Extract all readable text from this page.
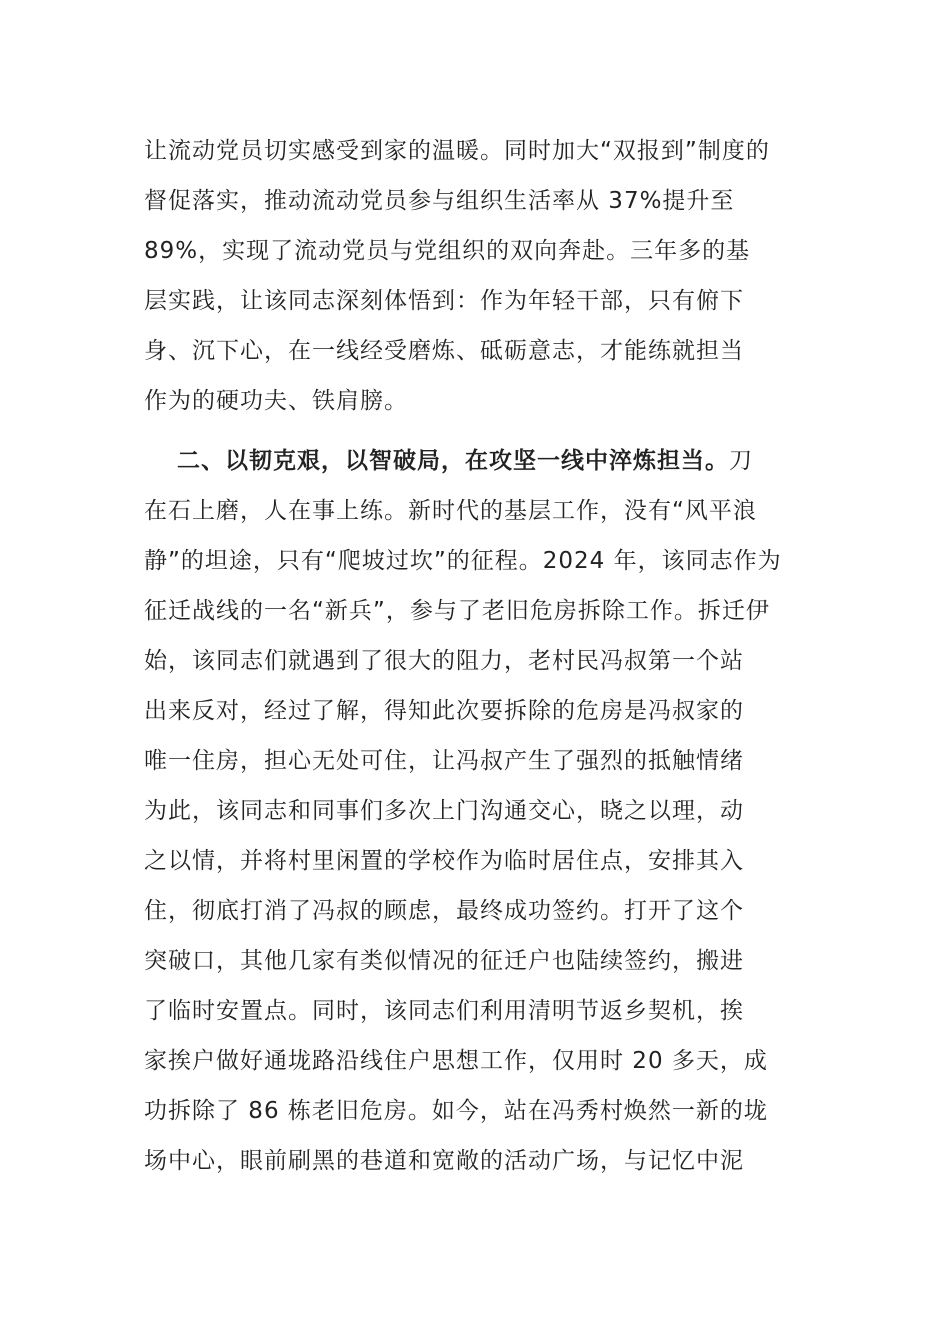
让流动党员切实感受到家的温暖。同时加大“双报到”制度的
督促落实，推动流动党员参与组织生活率从 37%提升至
89%，实现了流动党员与党组织的双向奔赴。三年多的基
层实践，让该同志深刻体悟到：作为年轻干部，只有俯下
身、沉下心，在一线经受磨炼、砥砺意志，才能练就担当
作为的硬功夫、铁肩膀。
二、以韧克艰，以智破局，在攻坚一线中淬炼担当。刀
在石上磨，人在事上练。新时代的基层工作，没有“风平浪
静”的坦途，只有“爬坡过坎”的征程。2024 年，该同志作为
征迁战线的一名“新兵”，参与了老旧危房拆除工作。拆迁伊
始，该同志们就遇到了很大的阻力，老村民冯叔第一个站
出来反对，经过了解，得知此次要拆除的危房是冯叔家的
唯一住房，担心无处可住，让冯叔产生了强烈的抵触情绪
为此，该同志和同事们多次上门沟通交心，晓之以理，动
之以情，并将村里闲置的学校作为临时居住点，安排其入
住，彻底打消了冯叔的顾虑，最终成功签约。打开了这个
突破口，其他几家有类似情况的征迁户也陆续签约，搬进
了临时安置点。同时，该同志们利用清明节返乡契机，挨
家挨户做好通垅路沿线住户思想工作，仅用时 20 多天，成
功拆除了 86 栋老旧危房。如今，站在冯秀村焕然一新的垅
场中心，眼前刷黑的巷道和宽敞的活动广场，与记忆中泥
